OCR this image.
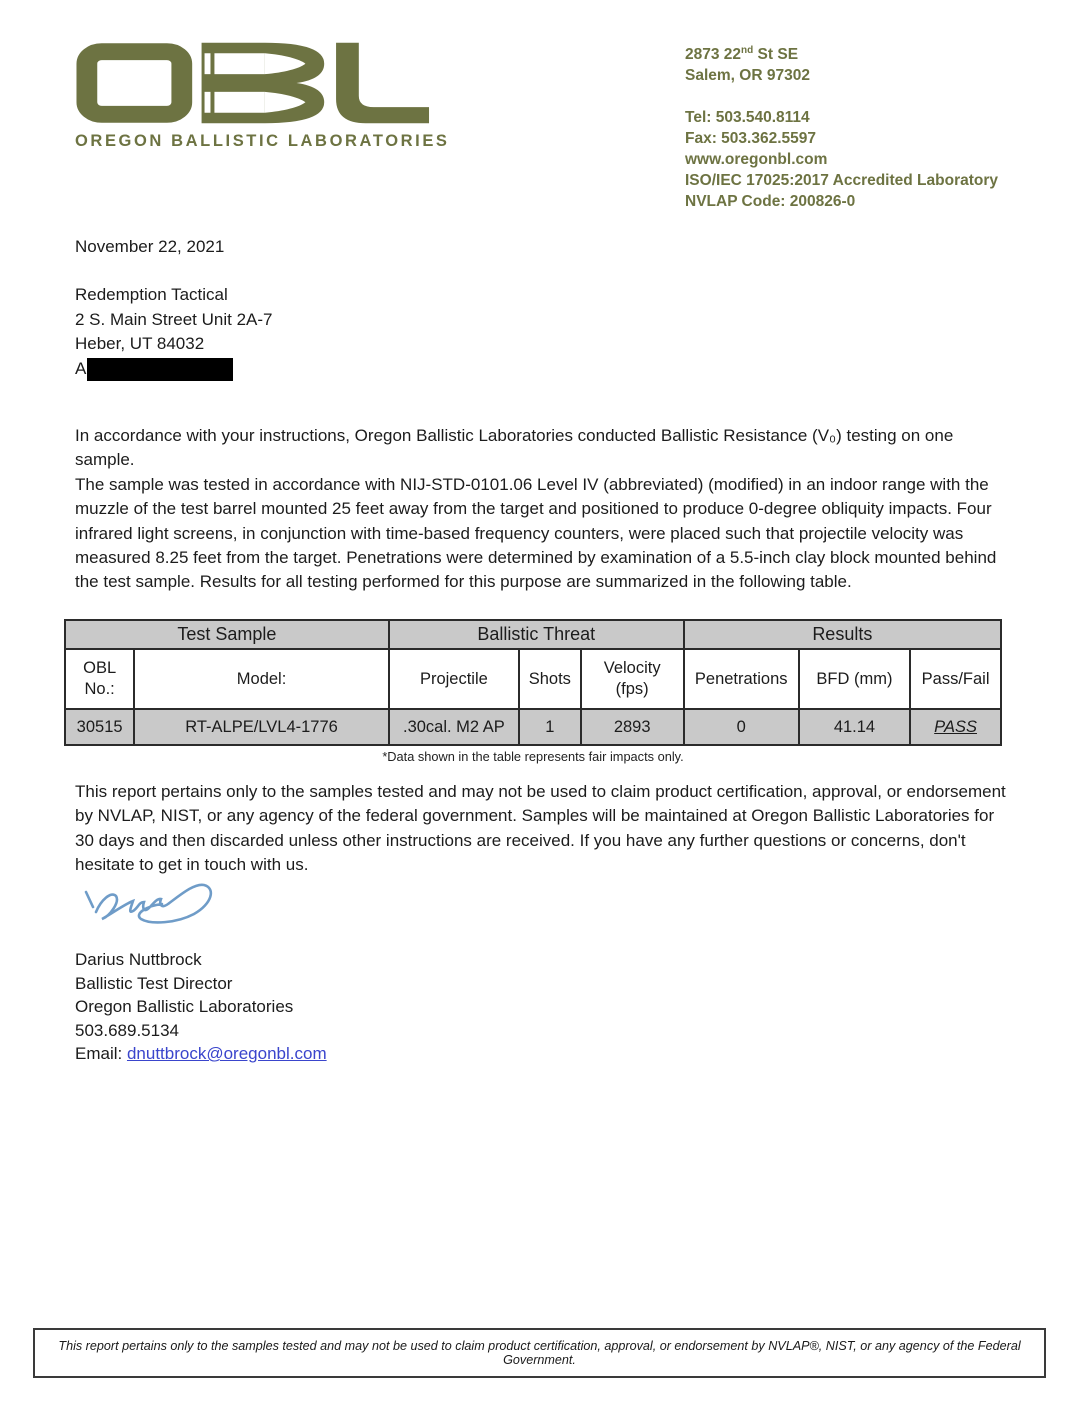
OREGON BALLISTIC LABORATORIES
2873 22nd St SE
Salem, OR 97302
Tel: 503.540.8114
Fax: 503.362.5597
www.oregonbl.com
ISO/IEC 17025:2017 Accredited Laboratory
NVLAP Code: 200826-0
November 22, 2021
Redemption Tactical
2 S. Main Street Unit 2A-7
Heber, UT 84032
A
In accordance with your instructions, Oregon Ballistic Laboratories conducted Ballistic Resistance (V₀) testing on one sample.
The sample was tested in accordance with NIJ-STD-0101.06 Level IV (abbreviated) (modified) in an indoor range with the muzzle of the test barrel mounted 25 feet away from the target and positioned to produce 0-degree obliquity impacts. Four infrared light screens, in conjunction with time-based frequency counters, were placed such that projectile velocity was measured 8.25 feet from the target. Penetrations were determined by examination of a 5.5-inch clay block mounted behind the test sample. Results for all testing performed for this purpose are summarized in the following table.
Test Sample		Ballistic Threat			Results		
OBL No.:	Model:	Projectile	Shots	Velocity (fps)	Penetrations	BFD (mm)	Pass/Fail
30515	RT-ALPE/LVL4-1776	.30cal. M2 AP	1	2893	0	41.14	PASS
*Data shown in the table represents fair impacts only.
This report pertains only to the samples tested and may not be used to claim product certification, approval, or endorsement by NVLAP, NIST, or any agency of the federal government. Samples will be maintained at Oregon Ballistic Laboratories for 30 days and then discarded unless other instructions are received. If you have any further questions or concerns, don't hesitate to get in touch with us.
Darius Nuttbrock
Ballistic Test Director
Oregon Ballistic Laboratories
503.689.5134
Email: dnuttbrock@oregonbl.com
This report pertains only to the samples tested and may not be used to claim product certification, approval, or endorsement by NVLAP®, NIST, or any agency of the Federal Government.
